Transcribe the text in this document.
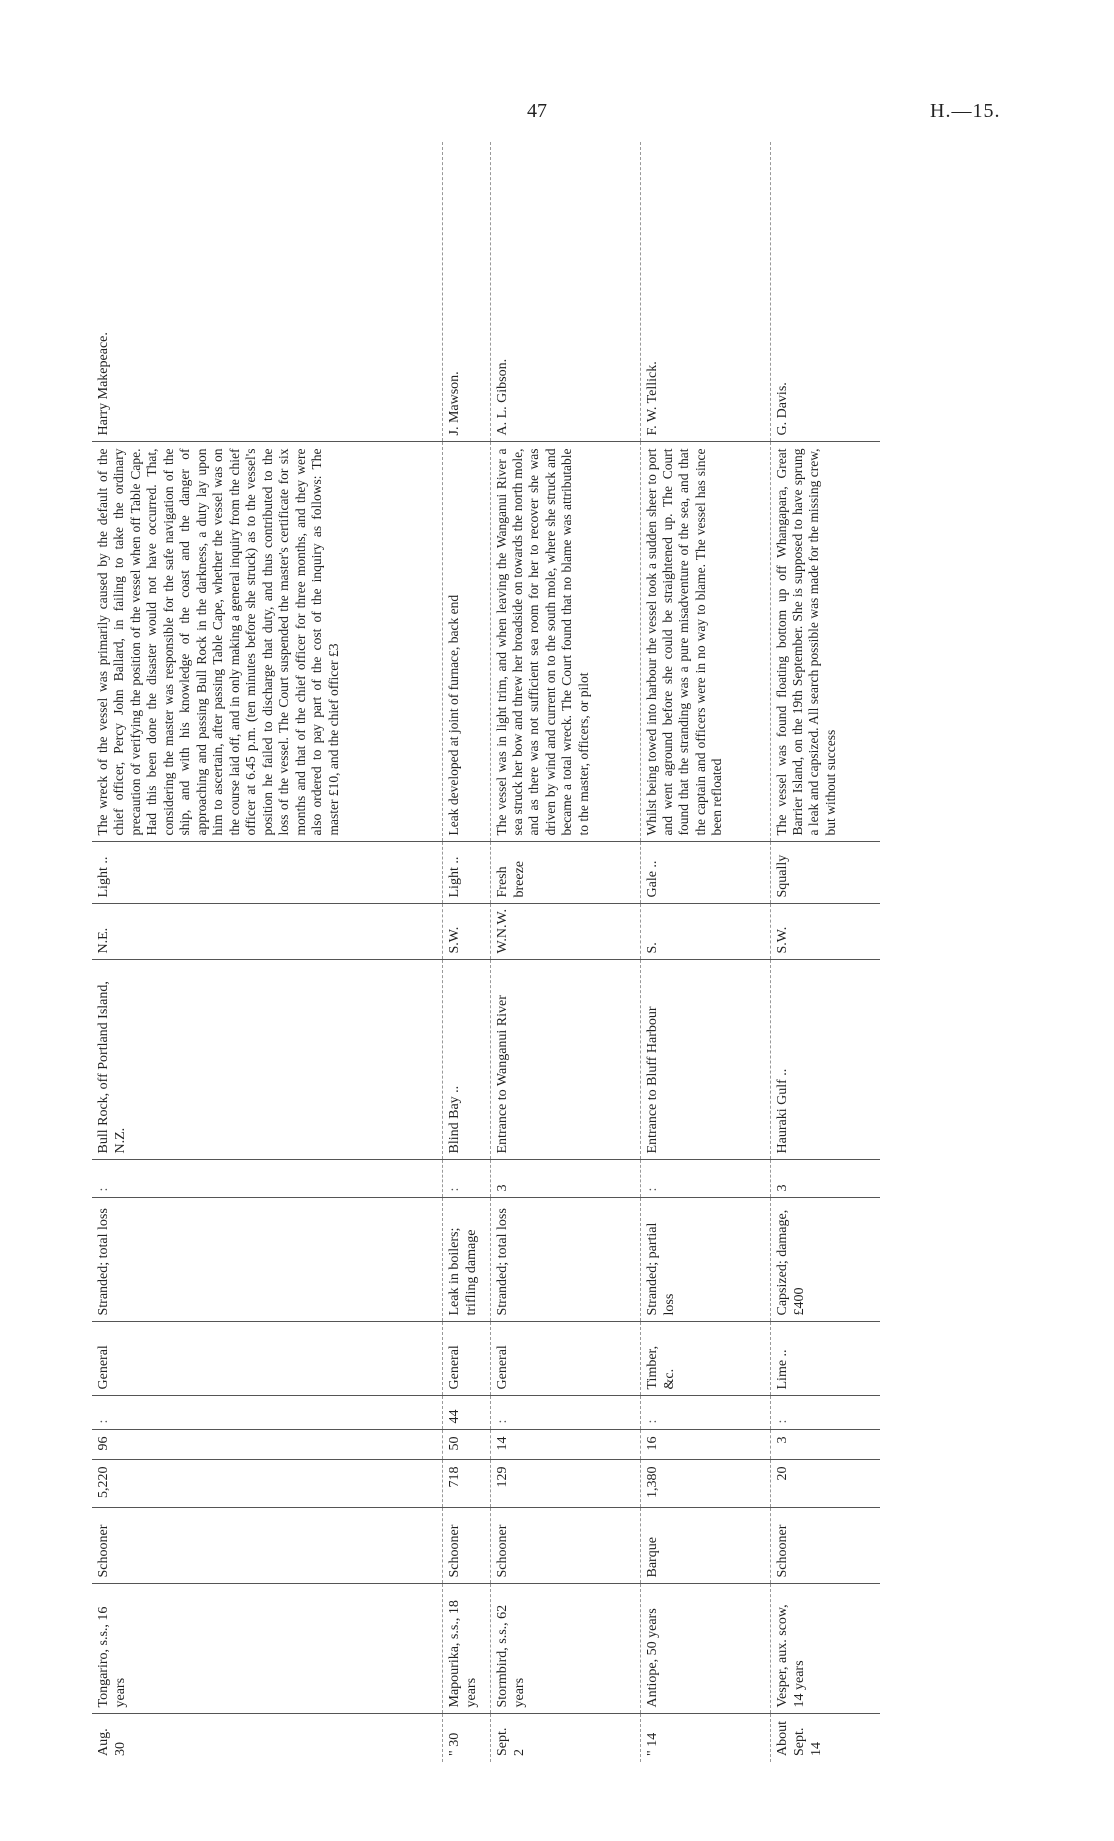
47	H.—15.
Aug. 30	Tongariro, s.s., 16 years	Schooner	5,220	96	:	General	Stranded; total loss	:	Bull Rock, off Portland Island, N.Z.	N.E.	Light ..	The wreck of the vessel was primarily caused by the default of the chief officer, Percy John Ballard, in failing to take the ordinary precaution of verifying the position of the vessel when off Table Cape. Had this been done the disaster would not have occurred. That, considering the master was responsible for the safe navigation of the ship, and with his knowledge of the coast and the danger of approaching and passing Bull Rock in the darkness, a duty lay upon him to ascertain, after passing Table Cape, whether the vessel was on the course laid off, and in only making a general inquiry from the chief officer at 6.45 p.m. (ten minutes before she struck) as to the vessel's position he failed to discharge that duty, and thus contributed to the loss of the vessel. The Court suspended the master's certificate for six months and that of the chief officer for three months, and they were also ordered to pay part of the cost of the inquiry as follows: The master £10, and the chief officer £3	Harry Makepeace.
" 30	Mapourika, s.s., 18 years	Schooner	718	50	44	General	Leak in boilers; trifling damage	:	Blind Bay ..	S.W.	Light ..	Leak developed at joint of furnace, back end	J. Mawson.
Sept. 2	Stormbird, s.s., 62 years	Schooner	129	14	:	General	Stranded; total loss	3	Entrance to Wanganui River	W.N.W.	Fresh breeze	The vessel was in light trim, and when leaving the Wanganui River a sea struck her bow and threw her broadside on towards the north mole, and as there was not sufficient sea room for her to recover she was driven by wind and current on to the south mole, where she struck and became a total wreck. The Court found that no blame was attributable to the master, officers, or pilot	A. L. Gibson.
" 14	Antiope, 50 years	Barque	1,380	16	:	Timber, &c.	Stranded; partial loss	:	Entrance to Bluff Harbour	S.	Gale ..	Whilst being towed into harbour the vessel took a sudden sheer to port and went aground before she could be straightened up. The Court found that the stranding was a pure misadventure of the sea, and that the captain and officers were in no way to blame. The vessel has since been refloated	F. W. Tellick.
About Sept. 14	Vesper, aux. scow, 14 years	Schooner	20	3	:	Lime ..	Capsized; damage, £400	3	Hauraki Gulf ..	S.W.	Squally	The vessel was found floating bottom up off Whangapara, Great Barrier Island, on the 19th September. She is supposed to have sprung a leak and capsized. All search possible was made for the missing crew, but without success	G. Davis.
